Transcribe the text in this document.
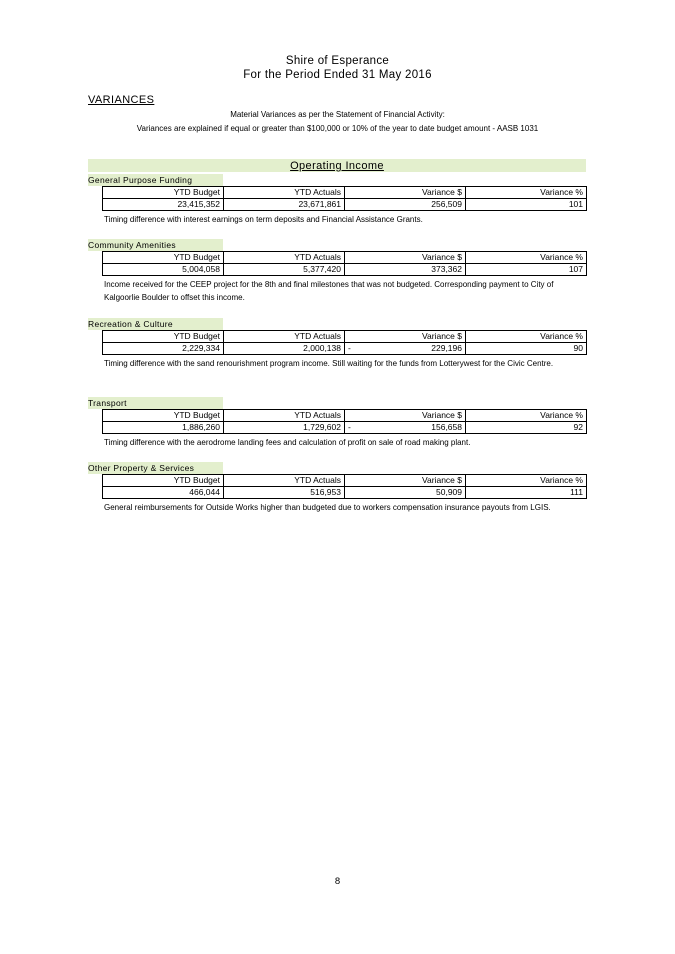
Shire of Esperance
For the Period Ended 31 May 2016
VARIANCES
Material Variances as per the Statement of Financial Activity:
Variances are explained if equal or greater than $100,000 or 10% of the year to date budget amount - AASB 1031
Operating Income
General Purpose Funding
YTD Budget	YTD Actuals	Variance $	Variance %
23,415,352	23,671,861	256,509	101
Timing difference with interest earnings on term deposits and Financial Assistance Grants.
Community Amenities
YTD Budget	YTD Actuals	Variance $	Variance %
5,004,058	5,377,420	373,362	107
Income received for the CEEP project for the 8th and final milestones that was not budgeted. Corresponding payment to City of Kalgoorlie Boulder to offset this income.
Recreation & Culture
YTD Budget	YTD Actuals	Variance $	Variance %
2,229,334	2,000,138	- 229,196	90
Timing difference with the sand renourishment program income. Still waiting for the funds from Lotterywest for the Civic Centre.
Transport
YTD Budget	YTD Actuals	Variance $	Variance %
1,886,260	1,729,602	- 156,658	92
Timing difference with the aerodrome landing fees and calculation of profit on sale of road making plant.
Other Property & Services
YTD Budget	YTD Actuals	Variance $	Variance %
466,044	516,953	50,909	111
General reimbursements for Outside Works higher than budgeted due to workers compensation insurance payouts from LGIS.
8
